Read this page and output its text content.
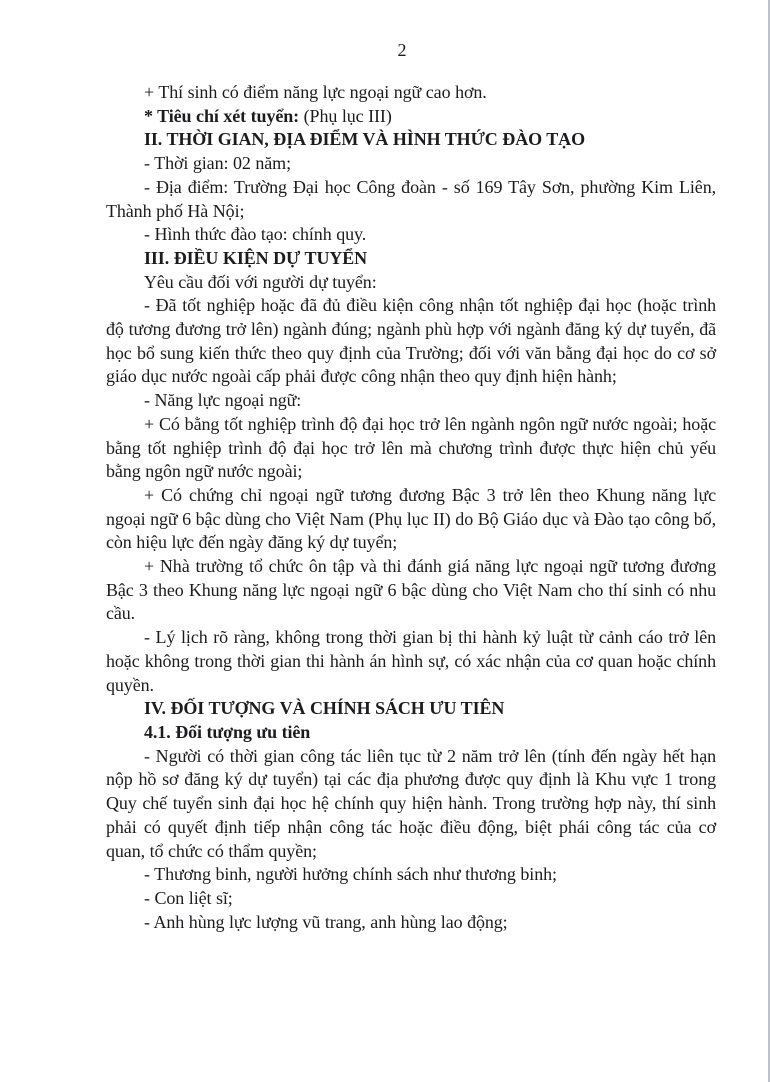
2

+ Thí sinh có điểm năng lực ngoại ngữ cao hơn.

* Tiêu chí xét tuyển: (Phụ lục III)

II. THỜI GIAN, ĐỊA ĐIỂM VÀ HÌNH THỨC ĐÀO TẠO

- Thời gian: 02 năm;

- Địa điểm: Trường Đại học Công đoàn - số 169 Tây Sơn, phường Kim Liên, Thành phố Hà Nội;

- Hình thức đào tạo: chính quy.

III. ĐIỀU KIỆN DỰ TUYỂN

Yêu cầu đối với người dự tuyển:

- Đã tốt nghiệp hoặc đã đủ điều kiện công nhận tốt nghiệp đại học (hoặc trình độ tương đương trở lên) ngành đúng; ngành phù hợp với ngành đăng ký dự tuyển, đã học bổ sung kiến thức theo quy định của Trường; đối với văn bằng đại học do cơ sở giáo dục nước ngoài cấp phải được công nhận theo quy định hiện hành;

- Năng lực ngoại ngữ:

+ Có bằng tốt nghiệp trình độ đại học trở lên ngành ngôn ngữ nước ngoài; hoặc bằng tốt nghiệp trình độ đại học trở lên mà chương trình được thực hiện chủ yếu bằng ngôn ngữ nước ngoài;

+ Có chứng chỉ ngoại ngữ tương đương Bậc 3 trở lên theo Khung năng lực ngoại ngữ 6 bậc dùng cho Việt Nam (Phụ lục II) do Bộ Giáo dục và Đào tạo công bố, còn hiệu lực đến ngày đăng ký dự tuyển;

+ Nhà trường tổ chức ôn tập và thi đánh giá năng lực ngoại ngữ tương đương Bậc 3 theo Khung năng lực ngoại ngữ 6 bậc dùng cho Việt Nam cho thí sinh có nhu cầu.

- Lý lịch rõ ràng, không trong thời gian bị thi hành kỷ luật từ cảnh cáo trở lên hoặc không trong thời gian thi hành án hình sự, có xác nhận của cơ quan hoặc chính quyền.

IV. ĐỐI TƯỢNG VÀ CHÍNH SÁCH ƯU TIÊN

4.1. Đối tượng ưu tiên

- Người có thời gian công tác liên tục từ 2 năm trở lên (tính đến ngày hết hạn nộp hồ sơ đăng ký dự tuyển) tại các địa phương được quy định là Khu vực 1 trong Quy chế tuyển sinh đại học hệ chính quy hiện hành. Trong trường hợp này, thí sinh phải có quyết định tiếp nhận công tác hoặc điều động, biệt phái công tác của cơ quan, tổ chức có thẩm quyền;

- Thương binh, người hưởng chính sách như thương binh;

- Con liệt sĩ;

- Anh hùng lực lượng vũ trang, anh hùng lao động;
